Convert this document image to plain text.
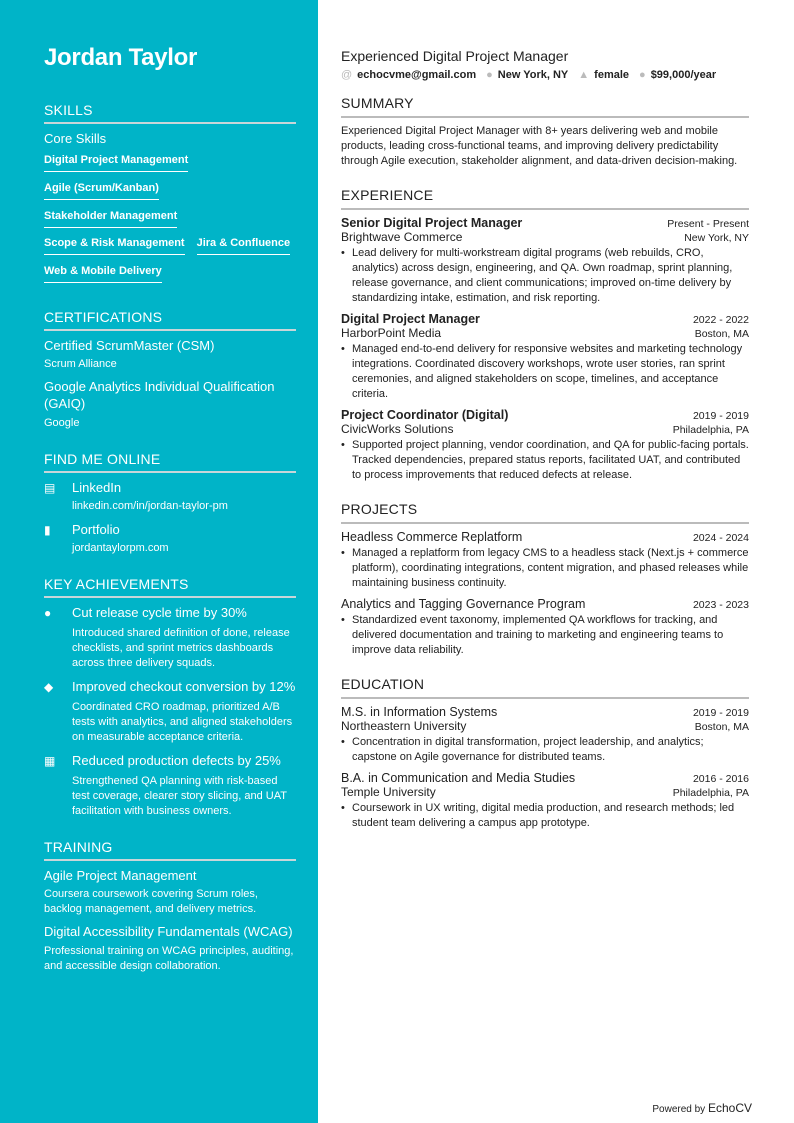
Jordan Taylor
SKILLS
Core Skills
Digital Project Management
Agile (Scrum/Kanban)
Stakeholder Management
Scope & Risk Management Jira & Confluence
Web & Mobile Delivery
CERTIFICATIONS
Certified ScrumMaster (CSM)
Scrum Alliance
Google Analytics Individual Qualification (GAIQ)
Google
FIND ME ONLINE
▤	LinkedIn
linkedin.com/in/jordan-taylor-pm
▮	Portfolio
jordantaylorpm.com
KEY ACHIEVEMENTS
●	Cut release cycle time by 30%
Introduced shared definition of done, release checklists, and sprint metrics dashboards across three delivery squads.
◆	Improved checkout conversion by 12%
Coordinated CRO roadmap, prioritized A/B tests with analytics, and aligned stakeholders on measurable acceptance criteria.
▦	Reduced production defects by 25%
Strengthened QA planning with risk-based test coverage, clearer story slicing, and UAT facilitation with business owners.
TRAINING
Agile Project Management
Coursera coursework covering Scrum roles, backlog management, and delivery metrics.
Digital Accessibility Fundamentals (WCAG)
Professional training on WCAG principles, auditing, and accessible design collaboration.
Experienced Digital Project Manager
@ echocvme@gmail.com ● New York, NY ▲ female ● $99,000/year
SUMMARY
Experienced Digital Project Manager with 8+ years delivering web and mobile products, leading cross-functional teams, and improving delivery predictability through Agile execution, stakeholder alignment, and data-driven decision-making.
EXPERIENCE
Senior Digital Project Manager	Present - Present
Brightwave Commerce	New York, NY
• Lead delivery for multi-workstream digital programs (web rebuilds, CRO, analytics) across design, engineering, and QA. Own roadmap, sprint planning, release governance, and client communications; improved on-time delivery by standardizing intake, estimation, and risk reporting.
Digital Project Manager	2022 - 2022
HarborPoint Media	Boston, MA
• Managed end-to-end delivery for responsive websites and marketing technology integrations. Coordinated discovery workshops, wrote user stories, ran sprint ceremonies, and aligned stakeholders on scope, timelines, and acceptance criteria.
Project Coordinator (Digital)	2019 - 2019
CivicWorks Solutions	Philadelphia, PA
• Supported project planning, vendor coordination, and QA for public-facing portals. Tracked dependencies, prepared status reports, facilitated UAT, and contributed to process improvements that reduced defects at release.
PROJECTS
Headless Commerce Replatform	2024 - 2024
• Managed a replatform from legacy CMS to a headless stack (Next.js + commerce platform), coordinating integrations, content migration, and phased releases while maintaining business continuity.
Analytics and Tagging Governance Program	2023 - 2023
• Standardized event taxonomy, implemented QA workflows for tracking, and delivered documentation and training to marketing and engineering teams to improve data reliability.
EDUCATION
M.S. in Information Systems	2019 - 2019
Northeastern University	Boston, MA
• Concentration in digital transformation, project leadership, and analytics; capstone on Agile governance for distributed teams.
B.A. in Communication and Media Studies	2016 - 2016
Temple University	Philadelphia, PA
• Coursework in UX writing, digital media production, and research methods; led student team delivering a campus app prototype.
Powered by EchoCV
